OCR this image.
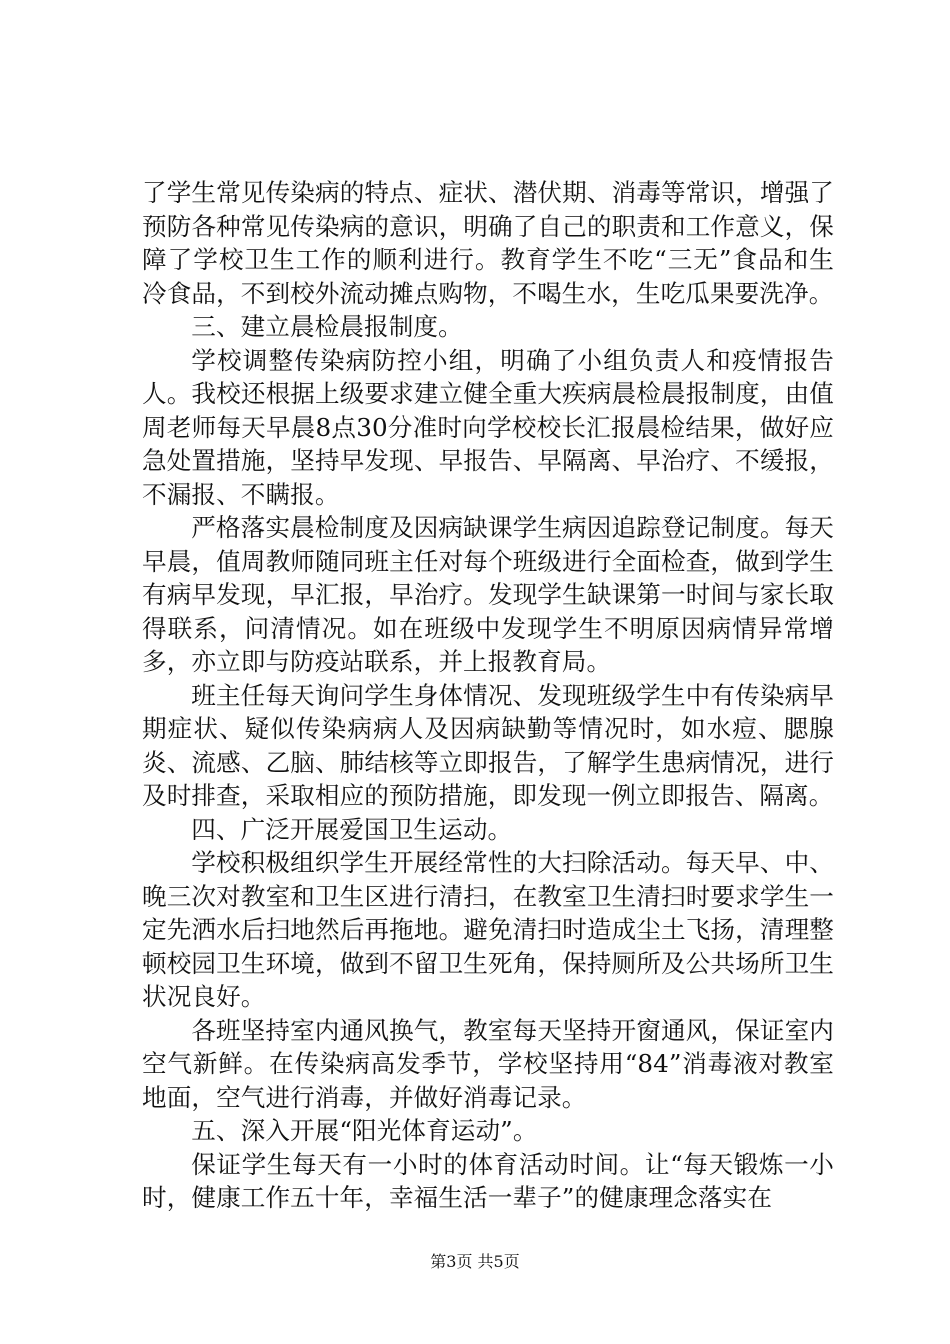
了学生常见传染病的特点、症状、潜伏期、消毒等常识，增强了预防各种常见传染病的意识，明确了自己的职责和工作意义，保障了学校卫生工作的顺利进行。教育学生不吃“三无”食品和生冷食品，不到校外流动摊点购物，不喝生水，生吃瓜果要洗净。

三、建立晨检晨报制度。

学校调整传染病防控小组，明确了小组负责人和疫情报告人。我校还根据上级要求建立健全重大疾病晨检晨报制度，由值周老师每天早晨8点30分准时向学校校长汇报晨检结果，做好应急处置措施，坚持早发现、早报告、早隔离、早治疗、不缓报，不漏报、不瞒报。

严格落实晨检制度及因病缺课学生病因追踪登记制度。每天早晨，值周教师随同班主任对每个班级进行全面检查，做到学生有病早发现，早汇报，早治疗。发现学生缺课第一时间与家长取得联系，问清情况。如在班级中发现学生不明原因病情异常增多，亦立即与防疫站联系，并上报教育局。

班主任每天询问学生身体情况、发现班级学生中有传染病早期症状、疑似传染病病人及因病缺勤等情况时，如水痘、腮腺炎、流感、乙脑、肺结核等立即报告，了解学生患病情况，进行及时排查，采取相应的预防措施，即发现一例立即报告、隔离。

四、广泛开展爱国卫生运动。

学校积极组织学生开展经常性的大扫除活动。每天早、中、晚三次对教室和卫生区进行清扫，在教室卫生清扫时要求学生一定先洒水后扫地然后再拖地。避免清扫时造成尘土飞扬，清理整顿校园卫生环境，做到不留卫生死角，保持厕所及公共场所卫生状况良好。

各班坚持室内通风换气，教室每天坚持开窗通风，保证室内空气新鲜。在传染病高发季节，学校坚持用“84”消毒液对教室地面，空气进行消毒，并做好消毒记录。

五、深入开展“阳光体育运动”。

保证学生每天有一小时的体育活动时间。让“每天锻炼一小时，健康工作五十年，幸福生活一辈子”的健康理念落实在

第3页 共5页
